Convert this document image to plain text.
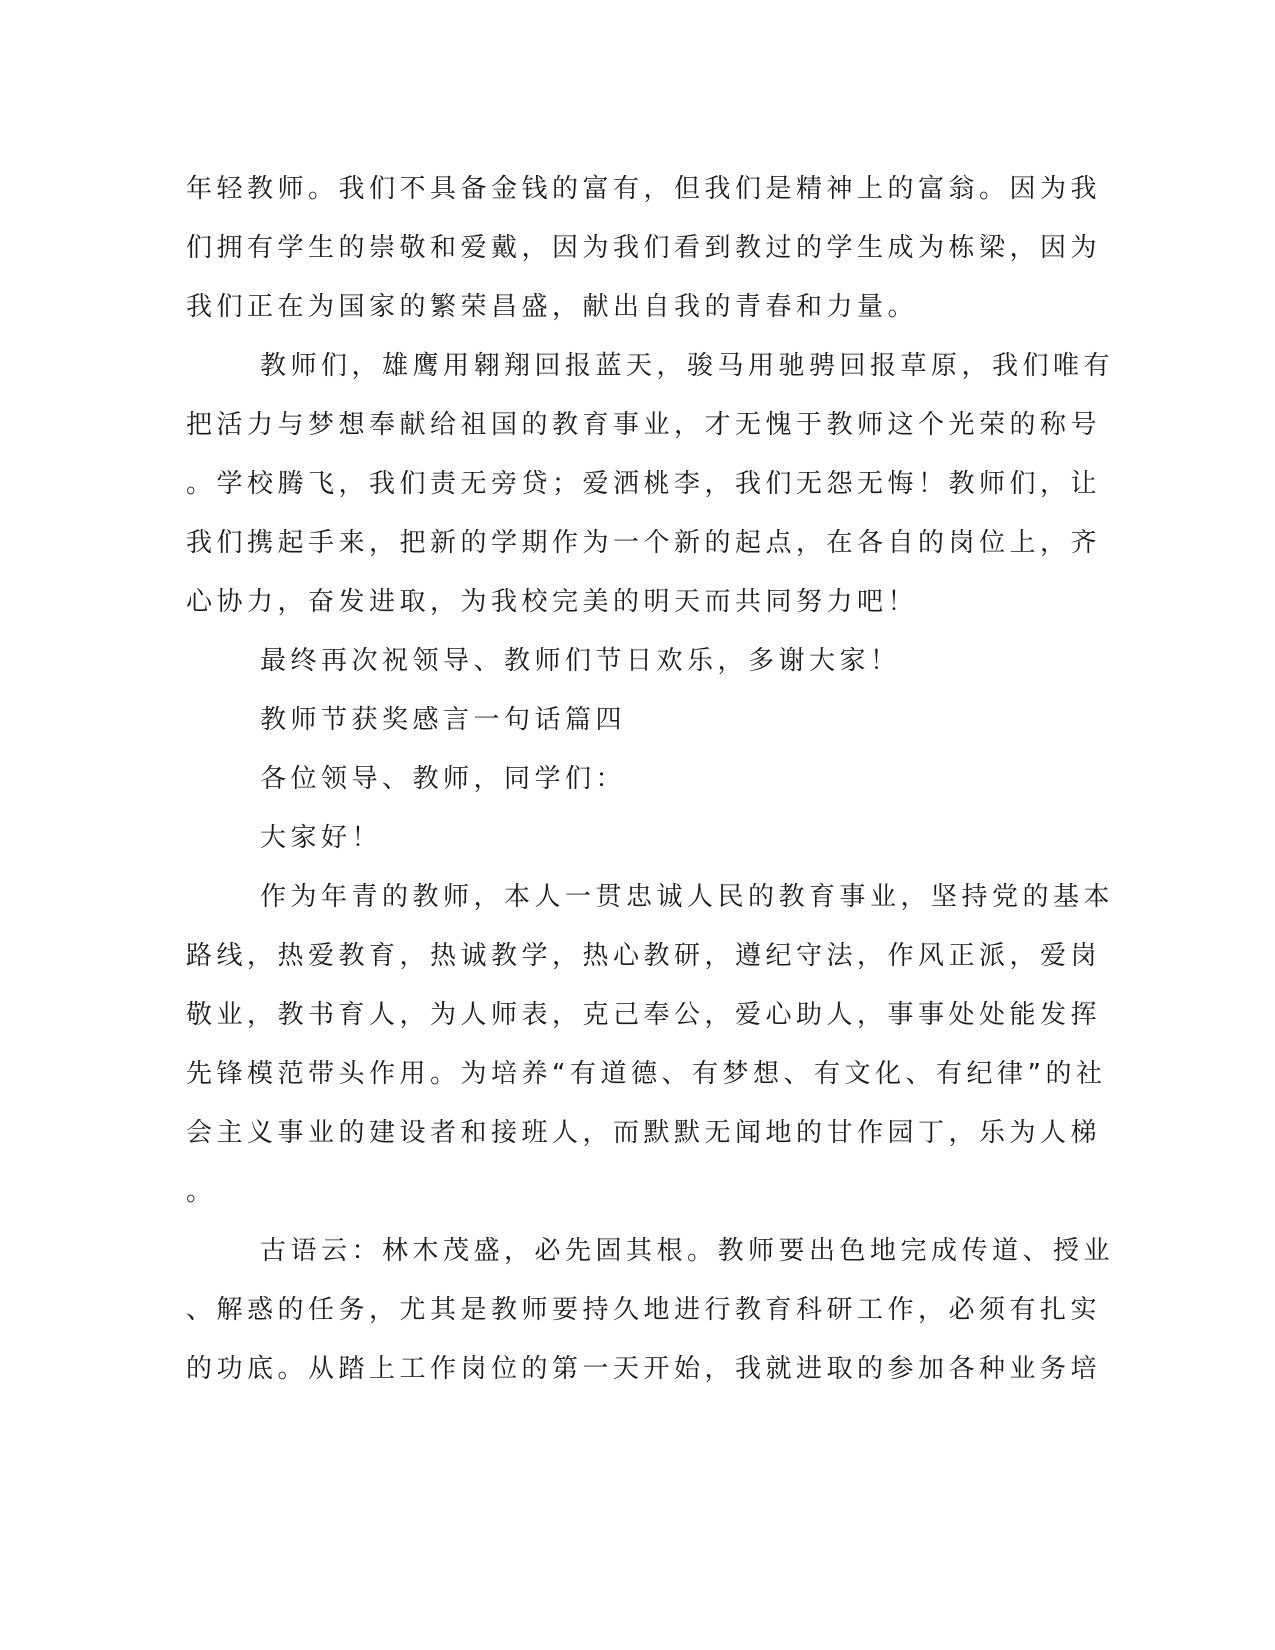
年轻教师。我们不具备金钱的富有，但我们是精神上的富翁。因为我
们拥有学生的崇敬和爱戴，因为我们看到教过的学生成为栋梁，因为
我们正在为国家的繁荣昌盛，献出自我的青春和力量。
教师们，雄鹰用翱翔回报蓝天，骏马用驰骋回报草原，我们唯有
把活力与梦想奉献给祖国的教育事业，才无愧于教师这个光荣的称号
。学校腾飞，我们责无旁贷；爱洒桃李，我们无怨无悔！教师们，让
我们携起手来，把新的学期作为一个新的起点，在各自的岗位上，齐
心协力，奋发进取，为我校完美的明天而共同努力吧！
最终再次祝领导、教师们节日欢乐，多谢大家！
教师节获奖感言一句话篇四
各位领导、教师，同学们：
大家好！
作为年青的教师，本人一贯忠诚人民的教育事业，坚持党的基本
路线，热爱教育，热诚教学，热心教研，遵纪守法，作风正派，爱岗
敬业，教书育人，为人师表，克己奉公，爱心助人，事事处处能发挥
先锋模范带头作用。为培养“有道德、有梦想、有文化、有纪律”的社
会主义事业的建设者和接班人，而默默无闻地的甘作园丁，乐为人梯
。
古语云：林木茂盛，必先固其根。教师要出色地完成传道、授业
、解惑的任务，尤其是教师要持久地进行教育科研工作，必须有扎实
的功底。从踏上工作岗位的第一天开始，我就进取的参加各种业务培
